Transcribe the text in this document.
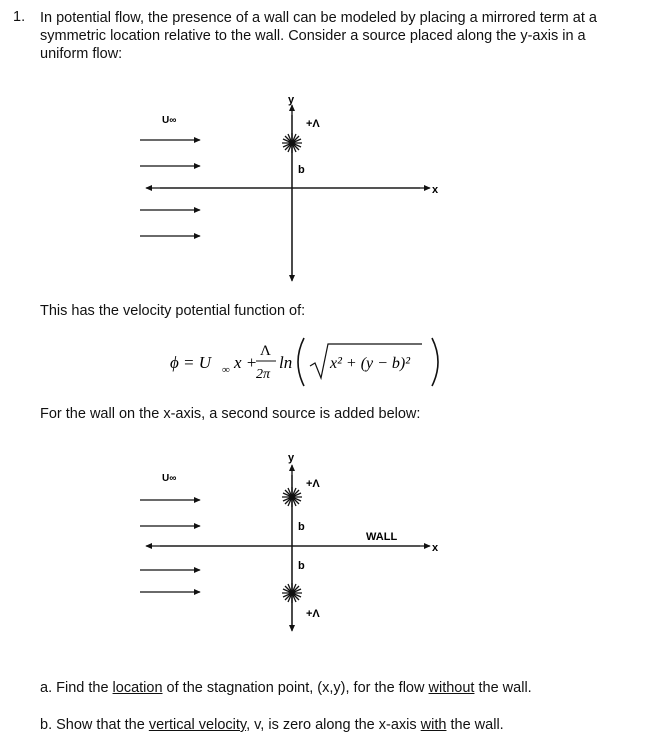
1. In potential flow, the presence of a wall can be modeled by placing a mirrored term at a symmetric location relative to the wall. Consider a source placed along the y-axis in a uniform flow:
y
x
U∞	+Λ
b
This has the velocity potential function of:
ϕ = U ∞ x +
Λ
2π
ln x² + (y − b)²
For the wall on the x-axis, a second source is added below:
y
x
U∞	+Λ
b
b
+Λ
WALL
a. Find the location of the stagnation point, (x,y), for the flow without the wall.
b. Show that the vertical velocity, v, is zero along the x-axis with the wall.
